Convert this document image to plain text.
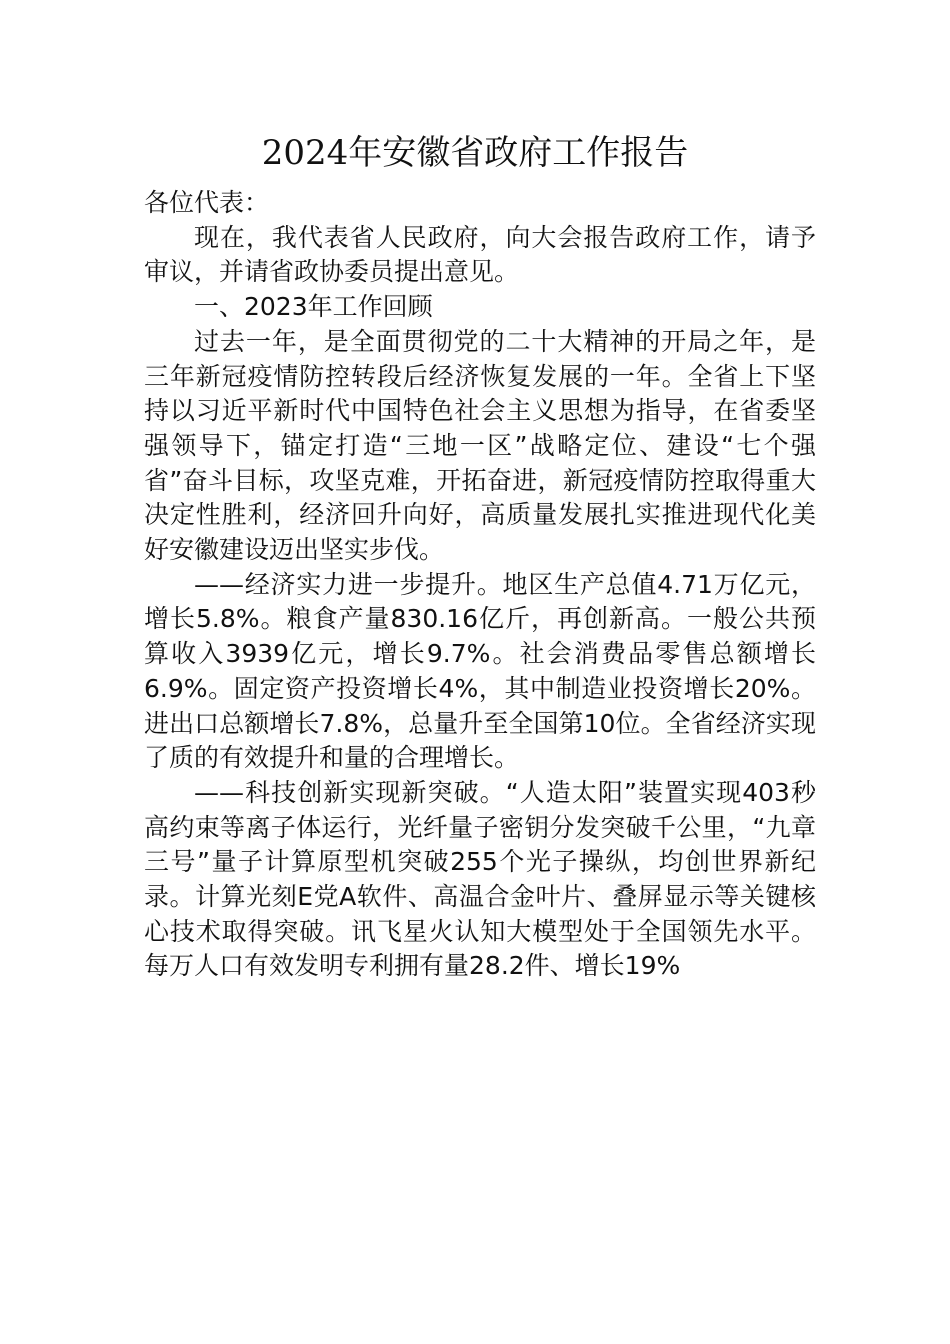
2024年安徽省政府工作报告

各位代表：

现在，我代表省人民政府，向大会报告政府工作，请予审议，并请省政协委员提出意见。

一、2023年工作回顾

过去一年，是全面贯彻党的二十大精神的开局之年，是三年新冠疫情防控转段后经济恢复发展的一年。全省上下坚持以习近平新时代中国特色社会主义思想为指导，在省委坚强领导下，锚定打造“三地一区”战略定位、建设“七个强省”奋斗目标，攻坚克难，开拓奋进，新冠疫情防控取得重大决定性胜利，经济回升向好，高质量发展扎实推进现代化美好安徽建设迈出坚实步伐。

——经济实力进一步提升。地区生产总值4.71万亿元，增长5.8%。粮食产量830.16亿斤，再创新高。一般公共预算收入3939亿元，增长9.7%。社会消费品零售总额增长6.9%。固定资产投资增长4%，其中制造业投资增长20%。进出口总额增长7.8%，总量升至全国第10位。全省经济实现了质的有效提升和量的合理增长。

——科技创新实现新突破。“人造太阳”装置实现403秒高约束等离子体运行，光纤量子密钥分发突破千公里，“九章三号”量子计算原型机突破255个光子操纵，均创世界新纪录。计算光刻E党A软件、高温合金叶片、叠屏显示等关键核心技术取得突破。讯飞星火认知大模型处于全国领先水平。每万人口有效发明专利拥有量28.2件、增长19%
